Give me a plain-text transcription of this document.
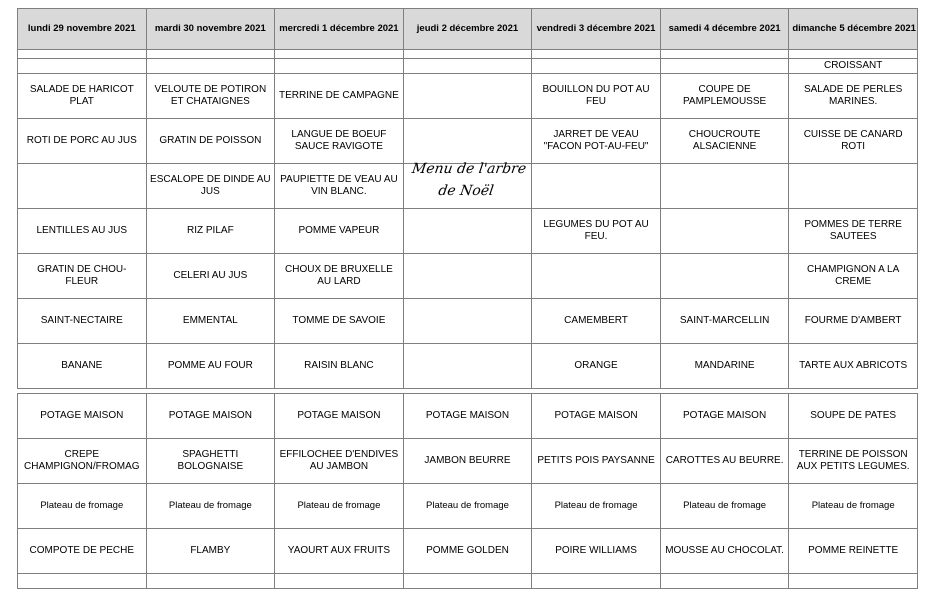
lundi 29 novembre 2021	mardi 30 novembre 2021	mercredi 1 décembre 2021	jeudi 2 décembre 2021	vendredi 3 décembre 2021	samedi 4 décembre 2021	dimanche 5 décembre 2021

						CROISSANT
SALADE DE HARICOT PLAT	VELOUTE DE POTIRON ET CHATAIGNES	TERRINE DE CAMPAGNE		BOUILLON DU POT AU FEU	COUPE DE PAMPLEMOUSSE	SALADE DE PERLES MARINES.
ROTI DE PORC AU JUS	GRATIN DE POISSON	LANGUE DE BOEUF SAUCE RAVIGOTE		JARRET DE VEAU "FACON POT-AU-FEU"	CHOUCROUTE ALSACIENNE	CUISSE DE CANARD ROTI
	ESCALOPE DE DINDE AU JUS	PAUPIETTE DE VEAU AU VIN BLANC.				
LENTILLES AU JUS	RIZ PILAF	POMME VAPEUR		LEGUMES DU POT AU FEU.		POMMES DE TERRE SAUTEES
GRATIN DE CHOU-FLEUR	CELERI AU JUS	CHOUX DE BRUXELLE AU LARD				CHAMPIGNON A LA CREME
SAINT-NECTAIRE	EMMENTAL	TOMME DE SAVOIE		CAMEMBERT	SAINT-MARCELLIN	FOURME D'AMBERT
BANANE	POMME AU FOUR	RAISIN BLANC		ORANGE	MANDARINE	TARTE AUX ABRICOTS
Menu de l'arbre
de Noël
POTAGE MAISON	POTAGE MAISON	POTAGE MAISON	POTAGE MAISON	POTAGE MAISON	POTAGE MAISON	SOUPE DE PATES
CREPE CHAMPIGNON/FROMAG	SPAGHETTI BOLOGNAISE	EFFILOCHEE D'ENDIVES AU JAMBON	JAMBON BEURRE	PETITS POIS PAYSANNE	CAROTTES AU BEURRE.	TERRINE DE POISSON AUX PETITS LEGUMES.
Plateau de fromage	Plateau de fromage	Plateau de fromage	Plateau de fromage	Plateau de fromage	Plateau de fromage	Plateau de fromage
COMPOTE DE PECHE	FLAMBY	YAOURT AUX FRUITS	POMME GOLDEN	POIRE WILLIAMS	MOUSSE AU CHOCOLAT.	POMME REINETTE
